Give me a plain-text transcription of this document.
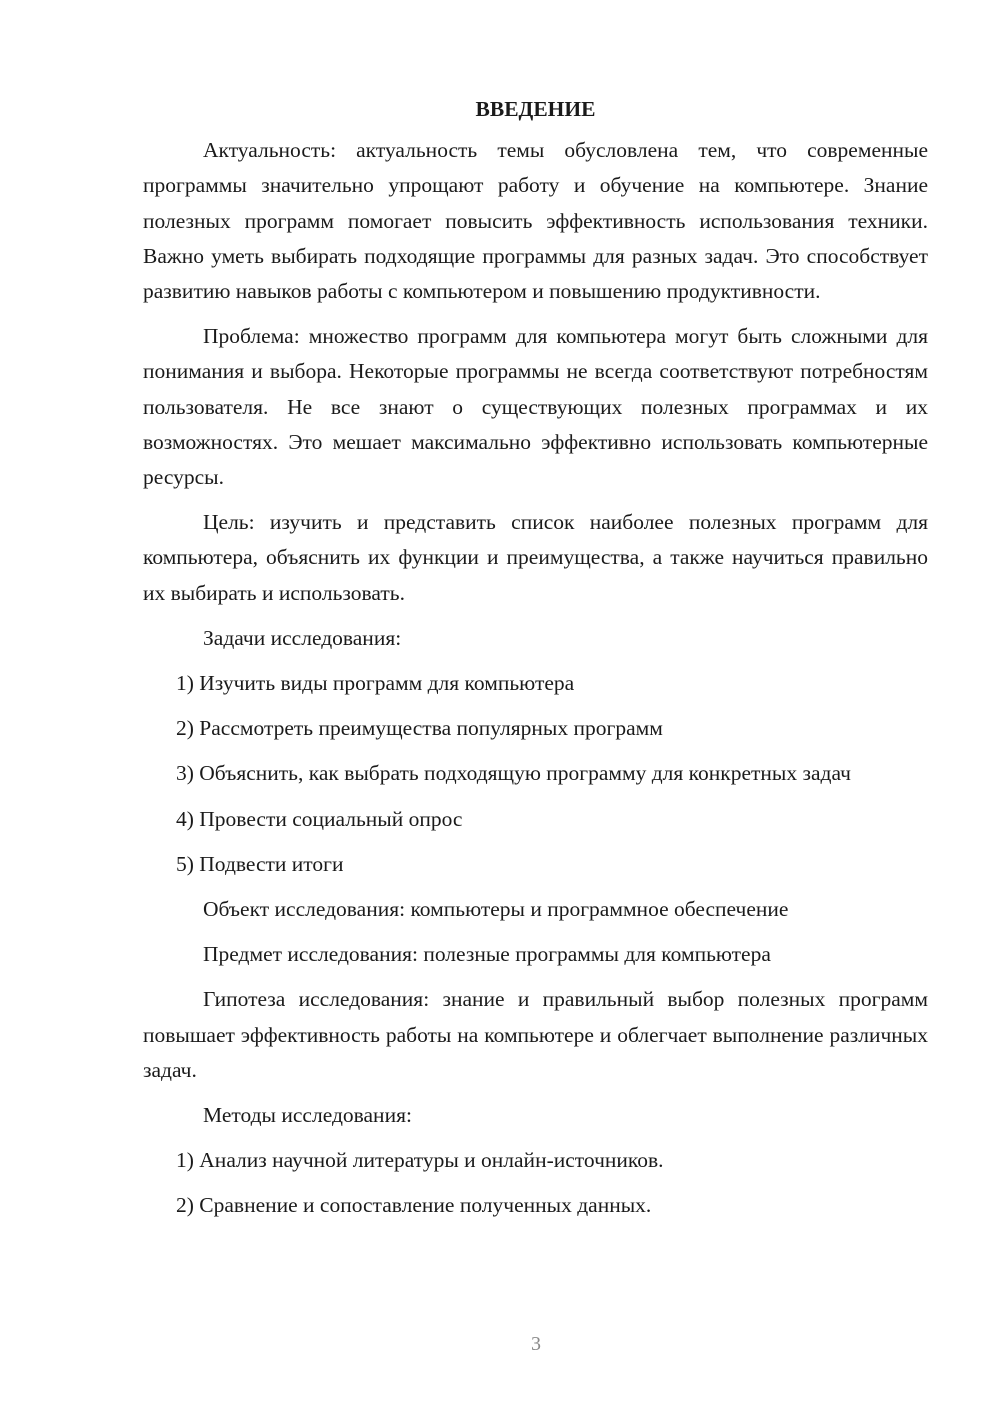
ВВЕДЕНИЕ

Актуальность: актуальность темы обусловлена тем, что современные программы значительно упрощают работу и обучение на компьютере. Знание полезных программ помогает повысить эффективность использования техники. Важно уметь выбирать подходящие программы для разных задач. Это способствует развитию навыков работы с компьютером и повышению продуктивности.

Проблема: множество программ для компьютера могут быть сложными для понимания и выбора. Некоторые программы не всегда соответствуют потребностям пользователя. Не все знают о существующих полезных программах и их возможностях. Это мешает максимально эффективно использовать компьютерные ресурсы.

Цель: изучить и представить список наиболее полезных программ для компьютера, объяснить их функции и преимущества, а также научиться правильно их выбирать и использовать.

Задачи исследования:

1) Изучить виды программ для компьютера

2) Рассмотреть преимущества популярных программ

3) Объяснить, как выбрать подходящую программу для конкретных задач

4) Провести социальный опрос

5) Подвести итоги

Объект исследования: компьютеры и программное обеспечение

Предмет исследования: полезные программы для компьютера

Гипотеза исследования: знание и правильный выбор полезных программ повышает эффективность работы на компьютере и облегчает выполнение различных задач.

Методы исследования:

1) Анализ научной литературы и онлайн-источников.

2) Сравнение и сопоставление полученных данных.

3
